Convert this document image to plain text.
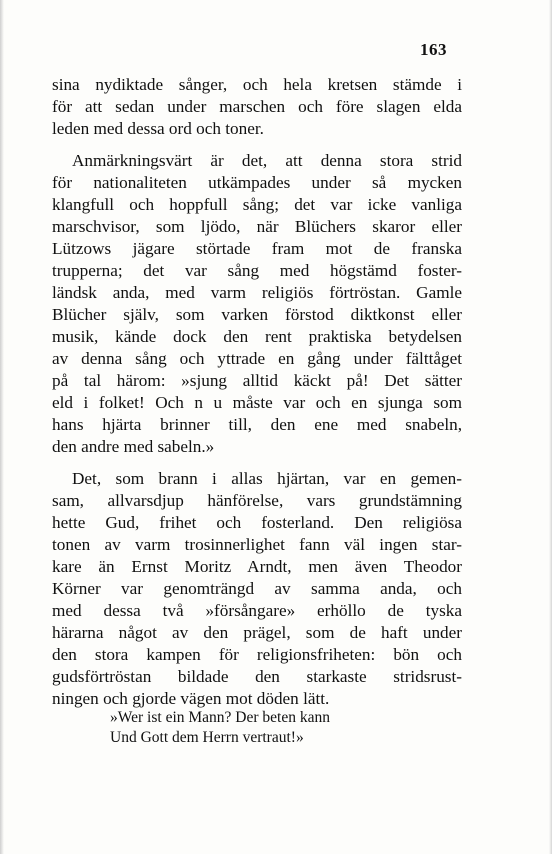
163

sina nydiktade sånger, och hela kretsen stämde i
för att sedan under marschen och före slagen elda
leden med dessa ord och toner.

Anmärkningsvärt är det, att denna stora strid
för nationaliteten utkämpades under så mycken
klangfull och hoppfull sång; det var icke vanliga
marschvisor, som ljödo, när Blüchers skaror eller
Lützows jägare störtade fram mot de franska
trupperna; det var sång med högstämd foster-
ländsk anda, med varm religiös förtröstan. Gamle
Blücher själv, som varken förstod diktkonst eller
musik, kände dock den rent praktiska betydelsen
av denna sång och yttrade en gång under fälttåget
på tal härom: »sjung alltid käckt på! Det sätter
eld i folket! Och n u måste var och en sjunga som
hans hjärta brinner till, den ene med snabeln,
den andre med sabeln.»

Det, som brann i allas hjärtan, var en gemen-
sam, allvarsdjup hänförelse, vars grundstämning
hette Gud, frihet och fosterland. Den religiösa
tonen av varm trosinnerlighet fann väl ingen star-
kare än Ernst Moritz Arndt, men även Theodor
Körner var genomträngd av samma anda, och
med dessa två »försångare» erhöllo de tyska
härarna något av den prägel, som de haft under
den stora kampen för religionsfriheten: bön och
gudsförtröstan bildade den starkaste stridsrust-
ningen och gjorde vägen mot döden lätt.

»Wer ist ein Mann? Der beten kann
Und Gott dem Herrn vertraut!»
